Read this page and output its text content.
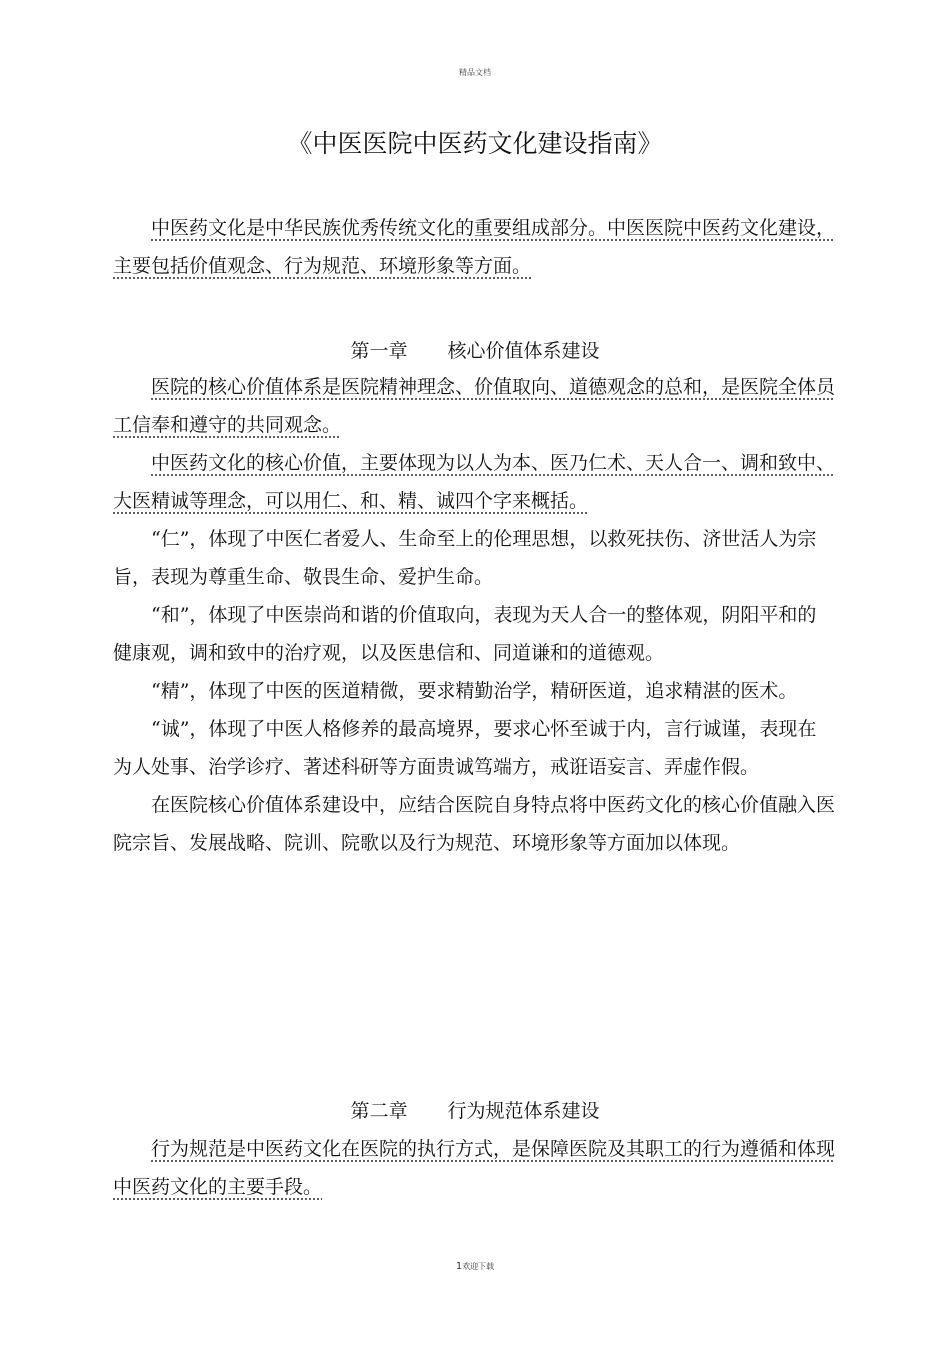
精品文档
《中医医院中医药文化建设指南》

中医药文化是中华民族优秀传统文化的重要组成部分。中医医院中医药文化建设，主要包括价值观念、行为规范、环境形象等方面。

第一章 核心价值体系建设

医院的核心价值体系是医院精神理念、价值取向、道德观念的总和，是医院全体员工信奉和遵守的共同观念。

中医药文化的核心价值，主要体现为以人为本、医乃仁术、天人合一、调和致中、大医精诚等理念，可以用仁、和、精、诚四个字来概括。

“仁”，体现了中医仁者爱人、生命至上的伦理思想，以救死扶伤、济世活人为宗旨，表现为尊重生命、敬畏生命、爱护生命。

“和”，体现了中医崇尚和谐的价值取向，表现为天人合一的整体观，阴阳平和的健康观，调和致中的治疗观，以及医患信和、同道谦和的道德观。

“精”，体现了中医的医道精微，要求精勤治学，精研医道，追求精湛的医术。

“诚”，体现了中医人格修养的最高境界，要求心怀至诚于内，言行诚谨，表现在为人处事、治学诊疗、著述科研等方面贵诚笃端方，戒诳语妄言、弄虚作假。

在医院核心价值体系建设中，应结合医院自身特点将中医药文化的核心价值融入医院宗旨、发展战略、院训、院歌以及行为规范、环境形象等方面加以体现。

第二章 行为规范体系建设

行为规范是中医药文化在医院的执行方式，是保障医院及其职工的行为遵循和体现中医药文化的主要手段。

1欢迎下载
